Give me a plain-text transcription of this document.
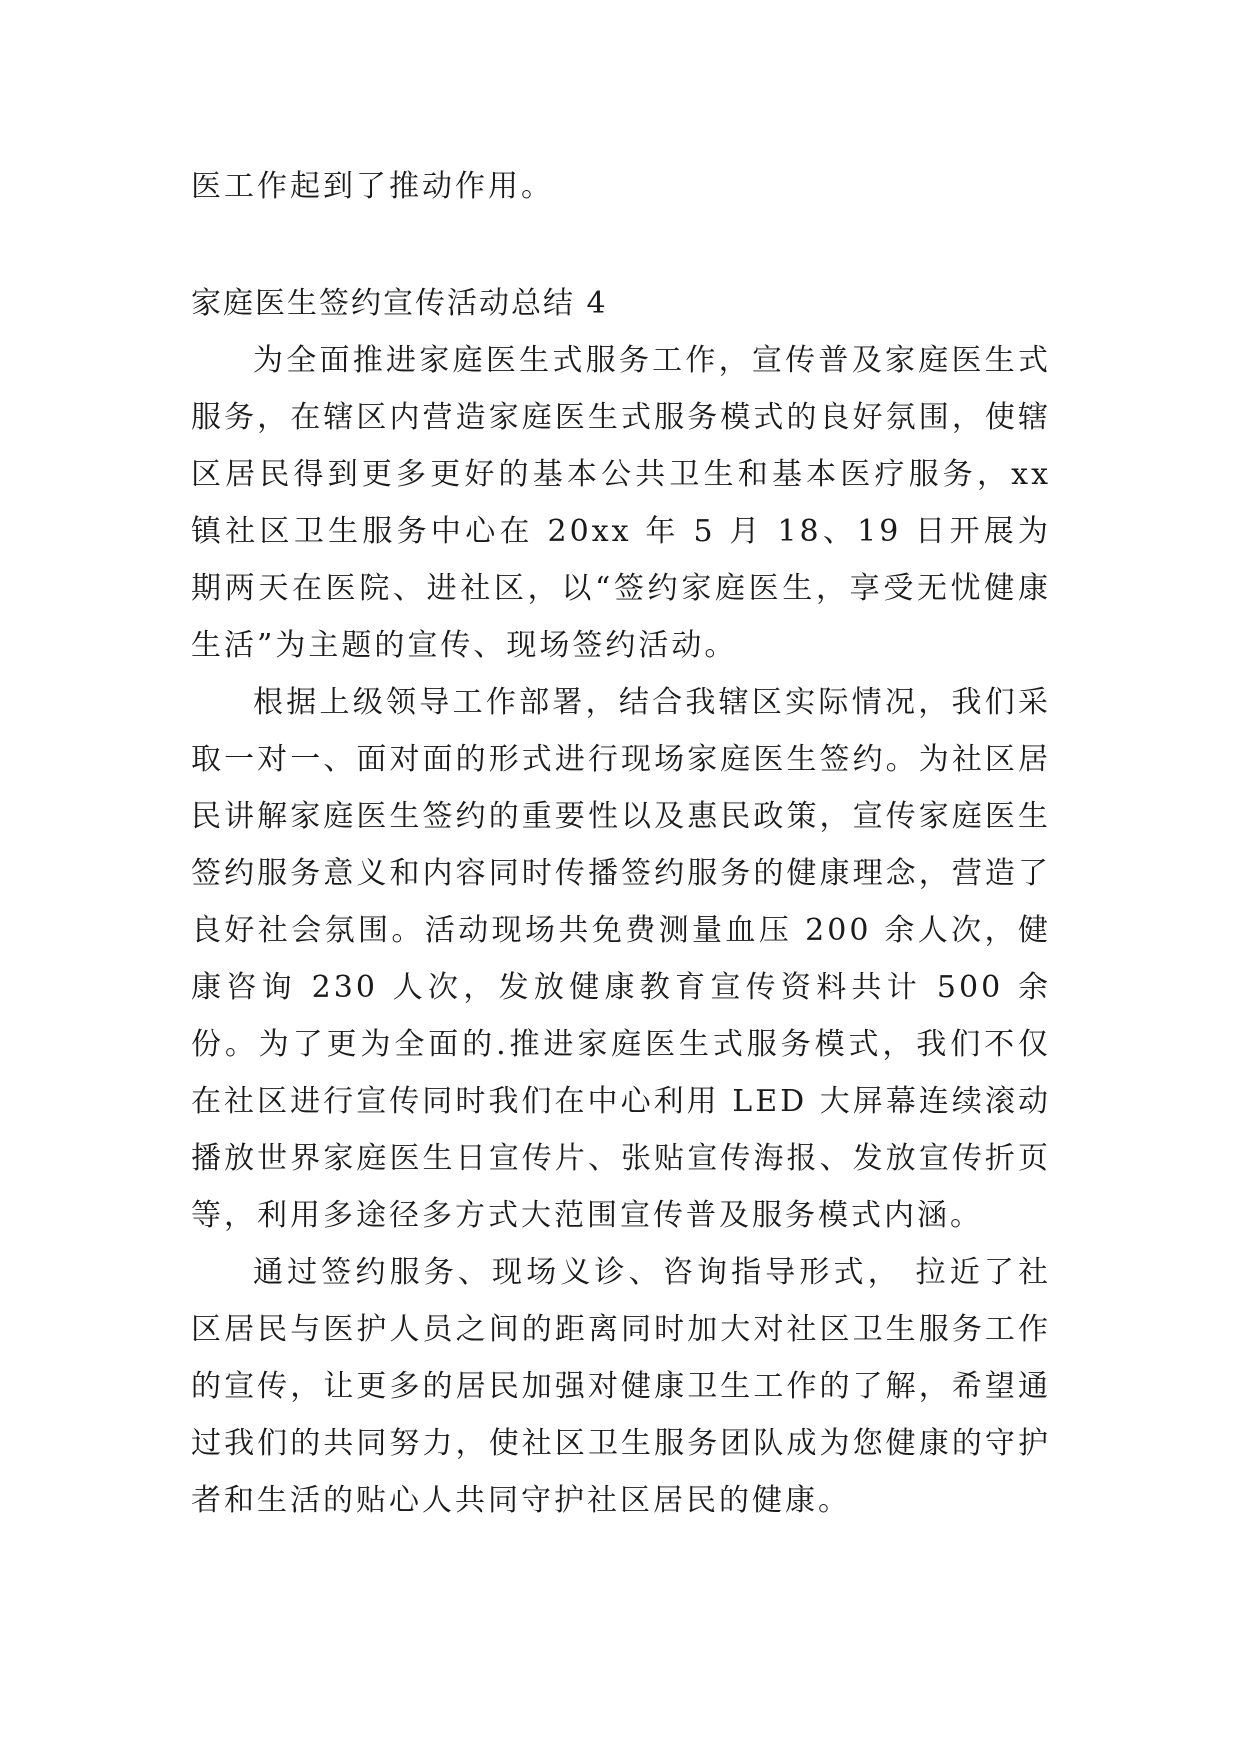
医工作起到了推动作用。

家庭医生签约宣传活动总结 4

为全面推进家庭医生式服务工作，宣传普及家庭医生式服务，在辖区内营造家庭医生式服务模式的良好氛围，使辖区居民得到更多更好的基本公共卫生和基本医疗服务，xx 镇社区卫生服务中心在 20xx 年 5 月 18、19 日开展为期两天在医院、进社区，以“签约家庭医生，享受无忧健康生活”为主题的宣传、现场签约活动。

根据上级领导工作部署，结合我辖区实际情况，我们采取一对一、面对面的形式进行现场家庭医生签约。为社区居民讲解家庭医生签约的重要性以及惠民政策，宣传家庭医生签约服务意义和内容同时传播签约服务的健康理念，营造了良好社会氛围。活动现场共免费测量血压 200 余人次，健康咨询 230 人次，发放健康教育宣传资料共计 500 余份。为了更为全面的.推进家庭医生式服务模式，我们不仅在社区进行宣传同时我们在中心利用 LED 大屏幕连续滚动播放世界家庭医生日宣传片、张贴宣传海报、发放宣传折页等，利用多途径多方式大范围宣传普及服务模式内涵。

通过签约服务、现场义诊、咨询指导形式， 拉近了社区居民与医护人员之间的距离同时加大对社区卫生服务工作的宣传，让更多的居民加强对健康卫生工作的了解，希望通过我们的共同努力，使社区卫生服务团队成为您健康的守护者和生活的贴心人共同守护社区居民的健康。
